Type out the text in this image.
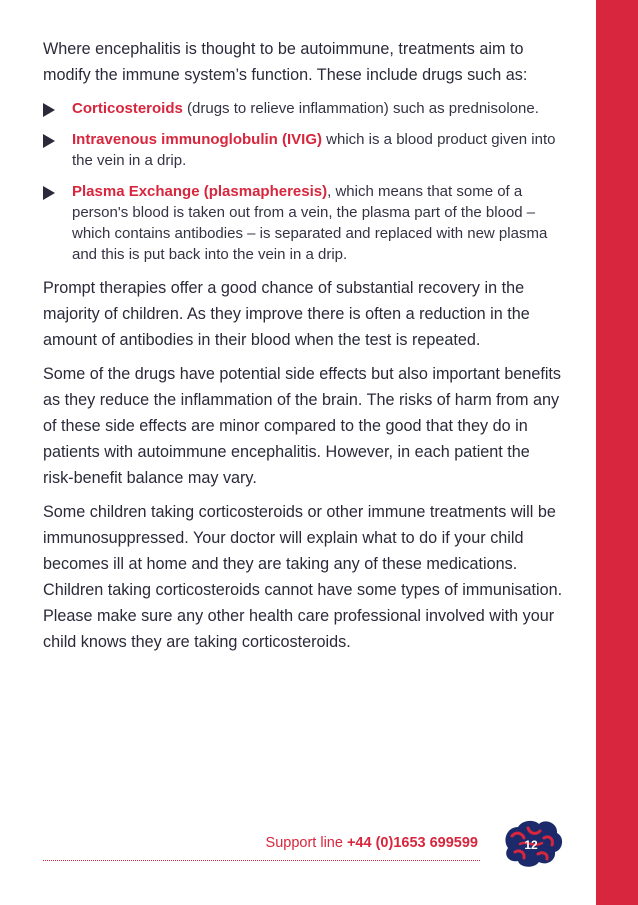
Where encephalitis is thought to be autoimmune, treatments aim to modify the immune system’s function. These include drugs such as:

Corticosteroids (drugs to relieve inflammation) such as prednisolone.
Intravenous immunoglobulin (IVIG) which is a blood product given into the vein in a drip.
Plasma Exchange (plasmapheresis), which means that some of a person's blood is taken out from a vein, the plasma part of the blood – which contains antibodies – is separated and replaced with new plasma and this is put back into the vein in a drip.

Prompt therapies offer a good chance of substantial recovery in the majority of children. As they improve there is often a reduction in the amount of antibodies in their blood when the test is repeated.

Some of the drugs have potential side effects but also important benefits as they reduce the inflammation of the brain. The risks of harm from any of these side effects are minor compared to the good that they do in patients with autoimmune encephalitis. However, in each patient the risk-benefit balance may vary.

Some children taking corticosteroids or other immune treatments will be immunosuppressed. Your doctor will explain what to do if your child becomes ill at home and they are taking any of these medications. Children taking corticosteroids cannot have some types of immunisation. Please make sure any other health care professional involved with your child knows they are taking corticosteroids.

Support line +44 (0)1653 699599	12
